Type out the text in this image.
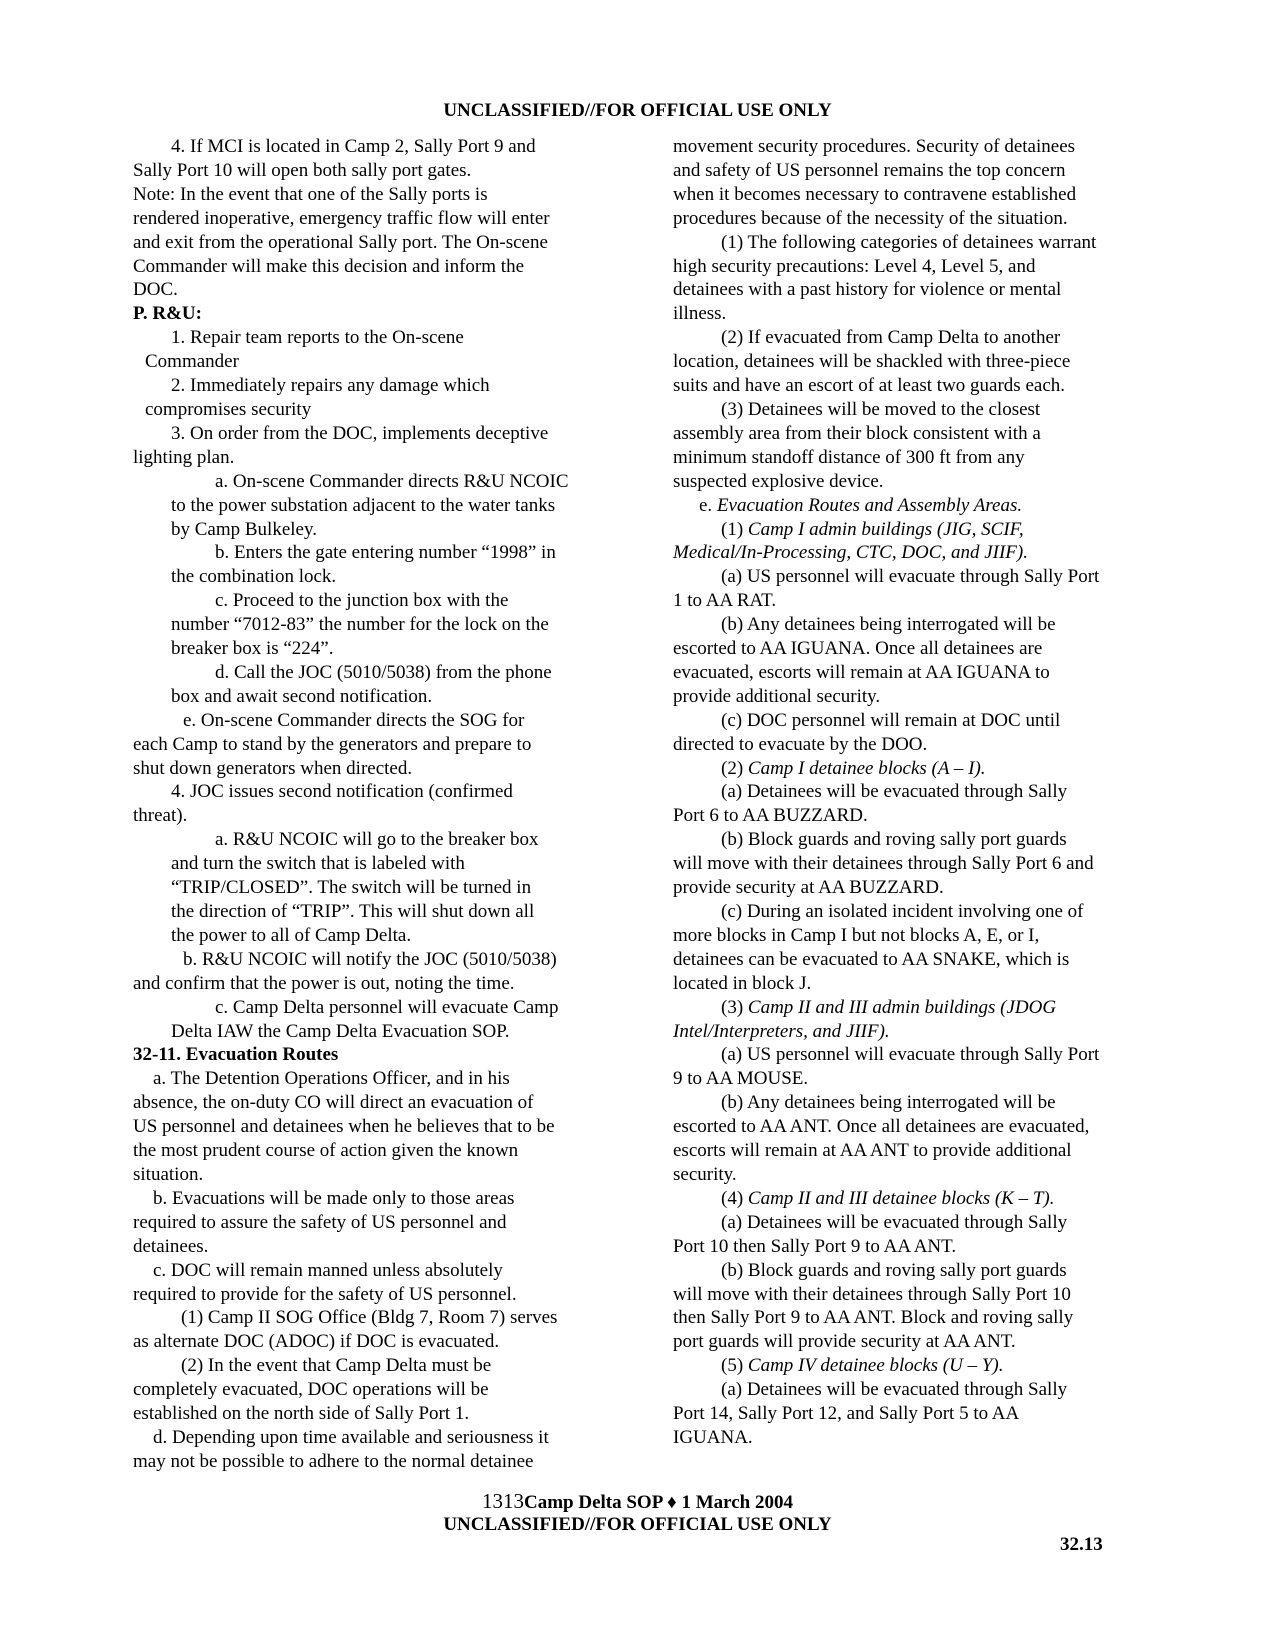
UNCLASSIFIED//FOR OFFICIAL USE ONLY
4. If MCI is located in Camp 2, Sally Port 9 and
Sally Port 10 will open both sally port gates.
Note: In the event that one of the Sally ports is
rendered inoperative, emergency traffic flow will enter
and exit from the operational Sally port. The On-scene
Commander will make this decision and inform the
DOC.
P. R&U:
1. Repair team reports to the On-scene
Commander
2. Immediately repairs any damage which
compromises security
3. On order from the DOC, implements deceptive
lighting plan.
a. On-scene Commander directs R&U NCOIC
to the power substation adjacent to the water tanks
by Camp Bulkeley.
b. Enters the gate entering number “1998” in
the combination lock.
c. Proceed to the junction box with the
number “7012-83” the number for the lock on the
breaker box is “224”.
d. Call the JOC (5010/5038) from the phone
box and await second notification.
e. On-scene Commander directs the SOG for
each Camp to stand by the generators and prepare to
shut down generators when directed.
4. JOC issues second notification (confirmed
threat).
a. R&U NCOIC will go to the breaker box
and turn the switch that is labeled with
“TRIP/CLOSED”. The switch will be turned in
the direction of “TRIP”. This will shut down all
the power to all of Camp Delta.
b. R&U NCOIC will notify the JOC (5010/5038)
and confirm that the power is out, noting the time.
c. Camp Delta personnel will evacuate Camp
Delta IAW the Camp Delta Evacuation SOP.
32-11. Evacuation Routes
a. The Detention Operations Officer, and in his
absence, the on-duty CO will direct an evacuation of
US personnel and detainees when he believes that to be
the most prudent course of action given the known
situation.
b. Evacuations will be made only to those areas
required to assure the safety of US personnel and
detainees.
c. DOC will remain manned unless absolutely
required to provide for the safety of US personnel.
(1) Camp II SOG Office (Bldg 7, Room 7) serves
as alternate DOC (ADOC) if DOC is evacuated.
(2) In the event that Camp Delta must be
completely evacuated, DOC operations will be
established on the north side of Sally Port 1.
d. Depending upon time available and seriousness it
may not be possible to adhere to the normal detainee
movement security procedures. Security of detainees
and safety of US personnel remains the top concern
when it becomes necessary to contravene established
procedures because of the necessity of the situation.
(1) The following categories of detainees warrant
high security precautions: Level 4, Level 5, and
detainees with a past history for violence or mental
illness.
(2) If evacuated from Camp Delta to another
location, detainees will be shackled with three-piece
suits and have an escort of at least two guards each.
(3) Detainees will be moved to the closest
assembly area from their block consistent with a
minimum standoff distance of 300 ft from any
suspected explosive device.
e. Evacuation Routes and Assembly Areas.
(1) Camp I admin buildings (JIG, SCIF,
Medical/In-Processing, CTC, DOC, and JIIF).
(a) US personnel will evacuate through Sally Port
1 to AA RAT.
(b) Any detainees being interrogated will be
escorted to AA IGUANA. Once all detainees are
evacuated, escorts will remain at AA IGUANA to
provide additional security.
(c) DOC personnel will remain at DOC until
directed to evacuate by the DOO.
(2) Camp I detainee blocks (A – I).
(a) Detainees will be evacuated through Sally
Port 6 to AA BUZZARD.
(b) Block guards and roving sally port guards
will move with their detainees through Sally Port 6 and
provide security at AA BUZZARD.
(c) During an isolated incident involving one of
more blocks in Camp I but not blocks A, E, or I,
detainees can be evacuated to AA SNAKE, which is
located in block J.
(3) Camp II and III admin buildings (JDOG
Intel/Interpreters, and JIIF).
(a) US personnel will evacuate through Sally Port
9 to AA MOUSE.
(b) Any detainees being interrogated will be
escorted to AA ANT. Once all detainees are evacuated,
escorts will remain at AA ANT to provide additional
security.
(4) Camp II and III detainee blocks (K – T).
(a) Detainees will be evacuated through Sally
Port 10 then Sally Port 9 to AA ANT.
(b) Block guards and roving sally port guards
will move with their detainees through Sally Port 10
then Sally Port 9 to AA ANT. Block and roving sally
port guards will provide security at AA ANT.
(5) Camp IV detainee blocks (U – Y).
(a) Detainees will be evacuated through Sally
Port 14, Sally Port 12, and Sally Port 5 to AA
IGUANA.
1313Camp Delta SOP ♦ 1 March 2004
UNCLASSIFIED//FOR OFFICIAL USE ONLY
32.13
